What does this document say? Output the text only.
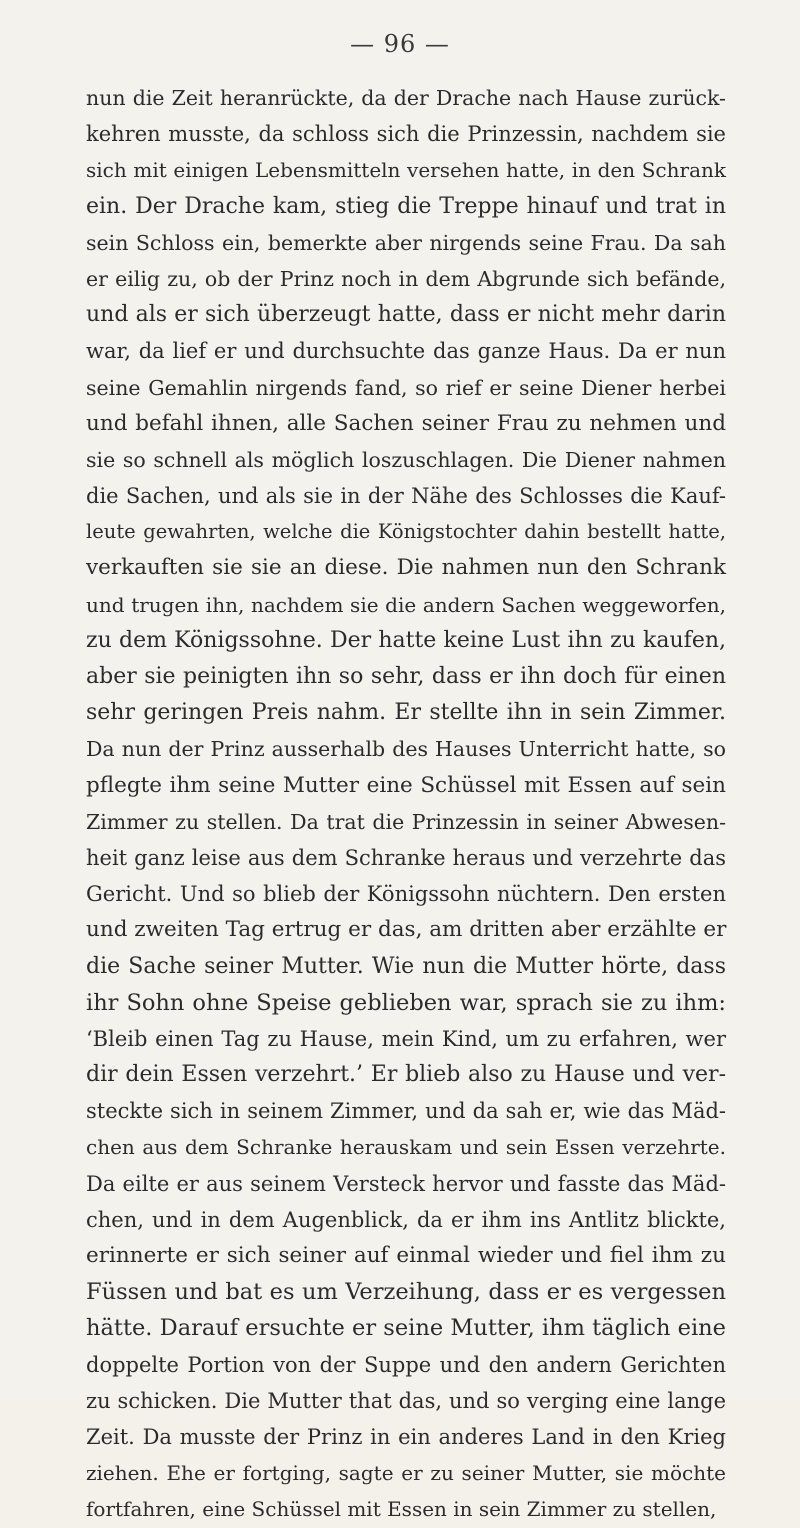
— 96 —
nun die Zeit heranrückte, da der Drache nach Hause zurück-
kehren musste, da schloss sich die Prinzessin, nachdem sie
sich mit einigen Lebensmitteln versehen hatte, in den Schrank
ein. Der Drache kam, stieg die Treppe hinauf und trat in
sein Schloss ein, bemerkte aber nirgends seine Frau. Da sah
er eilig zu, ob der Prinz noch in dem Abgrunde sich befände,
und als er sich überzeugt hatte, dass er nicht mehr darin
war, da lief er und durchsuchte das ganze Haus. Da er nun
seine Gemahlin nirgends fand, so rief er seine Diener herbei
und befahl ihnen, alle Sachen seiner Frau zu nehmen und
sie so schnell als möglich loszuschlagen. Die Diener nahmen
die Sachen, und als sie in der Nähe des Schlosses die Kauf-
leute gewahrten, welche die Königstochter dahin bestellt hatte,
verkauften sie sie an diese. Die nahmen nun den Schrank
und trugen ihn, nachdem sie die andern Sachen weggeworfen,
zu dem Königssohne. Der hatte keine Lust ihn zu kaufen,
aber sie peinigten ihn so sehr, dass er ihn doch für einen
sehr geringen Preis nahm. Er stellte ihn in sein Zimmer.
Da nun der Prinz ausserhalb des Hauses Unterricht hatte, so
pflegte ihm seine Mutter eine Schüssel mit Essen auf sein
Zimmer zu stellen. Da trat die Prinzessin in seiner Abwesen-
heit ganz leise aus dem Schranke heraus und verzehrte das
Gericht. Und so blieb der Königssohn nüchtern. Den ersten
und zweiten Tag ertrug er das, am dritten aber erzählte er
die Sache seiner Mutter. Wie nun die Mutter hörte, dass
ihr Sohn ohne Speise geblieben war, sprach sie zu ihm:
‘Bleib einen Tag zu Hause, mein Kind, um zu erfahren, wer
dir dein Essen verzehrt.’ Er blieb also zu Hause und ver-
steckte sich in seinem Zimmer, und da sah er, wie das Mäd-
chen aus dem Schranke herauskam und sein Essen verzehrte.
Da eilte er aus seinem Versteck hervor und fasste das Mäd-
chen, und in dem Augenblick, da er ihm ins Antlitz blickte,
erinnerte er sich seiner auf einmal wieder und fiel ihm zu
Füssen und bat es um Verzeihung, dass er es vergessen
hätte. Darauf ersuchte er seine Mutter, ihm täglich eine
doppelte Portion von der Suppe und den andern Gerichten
zu schicken. Die Mutter that das, und so verging eine lange
Zeit. Da musste der Prinz in ein anderes Land in den Krieg
ziehen. Ehe er fortging, sagte er zu seiner Mutter, sie möchte
fortfahren, eine Schüssel mit Essen in sein Zimmer zu stellen,
